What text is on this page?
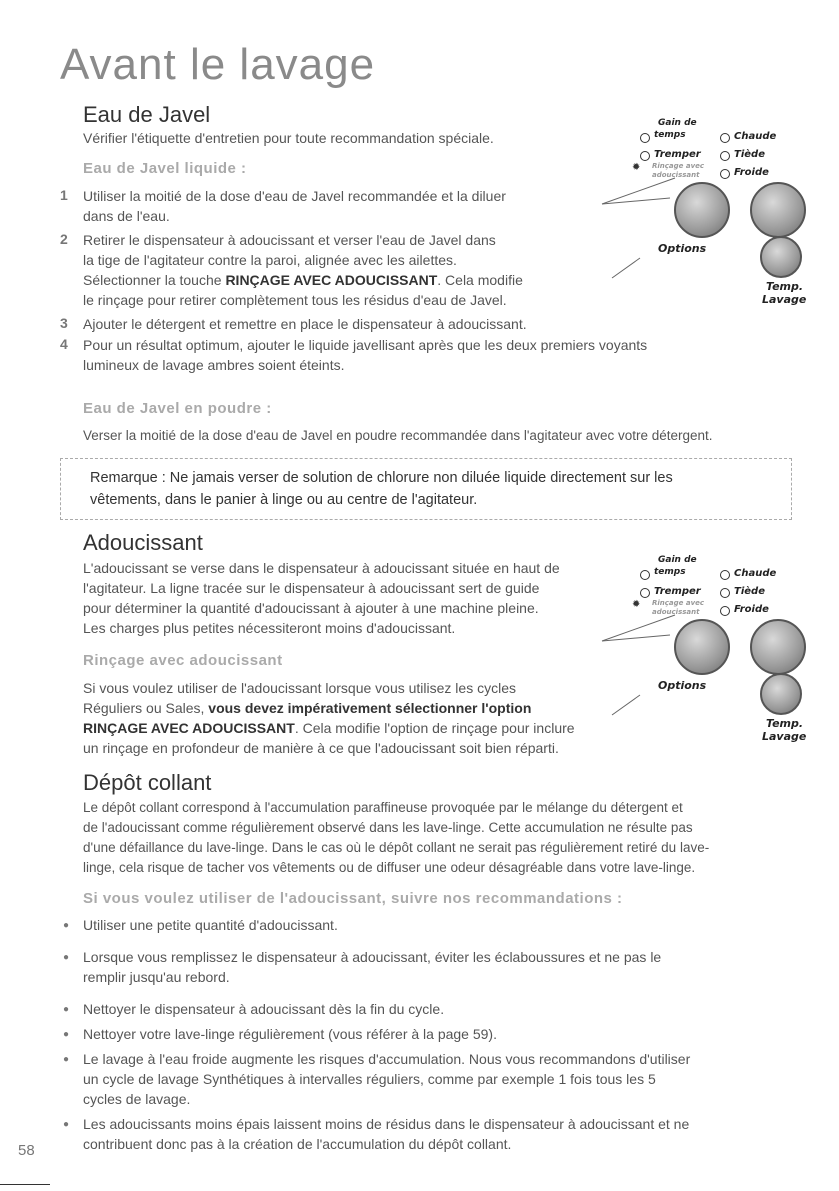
Avant le lavage
Eau de Javel
Vérifier l'étiquette d'entretien pour toute recommandation spéciale.
Eau de Javel liquide :
1 Utiliser la moitié de la dose d'eau de Javel recommandée et la diluer
dans de l'eau.
2 Retirer le dispensateur à adoucissant et verser l'eau de Javel dans
la tige de l'agitateur contre la paroi, alignée avec les ailettes.
Sélectionner la touche RINÇAGE AVEC ADOUCISSANT. Cela modifie
le rinçage pour retirer complètement tous les résidus d'eau de Javel.
3 Ajouter le détergent et remettre en place le dispensateur à adoucissant.
4 Pour un résultat optimum, ajouter le liquide javellisant après que les deux premiers voyants
lumineux de lavage ambres soient éteints.
Eau de Javel en poudre :
Verser la moitié de la dose d'eau de Javel en poudre recommandée dans l'agitateur avec votre détergent.
Remarque : Ne jamais verser de solution de chlorure non diluée liquide directement sur les
vêtements, dans le panier à linge ou au centre de l'agitateur.
Adoucissant
L'adoucissant se verse dans le dispensateur à adoucissant située en haut de
l'agitateur. La ligne tracée sur le dispensateur à adoucissant sert de guide
pour déterminer la quantité d'adoucissant à ajouter à une machine pleine.
Les charges plus petites nécessiteront moins d'adoucissant.
Rinçage avec adoucissant
Si vous voulez utiliser de l'adoucissant lorsque vous utilisez les cycles
Réguliers ou Sales, vous devez impérativement sélectionner l'option
RINÇAGE AVEC ADOUCISSANT. Cela modifie l'option de rinçage pour inclure
un rinçage en profondeur de manière à ce que l'adoucissant soit bien réparti.
Dépôt collant
Le dépôt collant correspond à l'accumulation paraffineuse provoquée par le mélange du détergent et
de l'adoucissant comme régulièrement observé dans les lave-linge. Cette accumulation ne résulte pas
d'une défaillance du lave-linge. Dans le cas où le dépôt collant ne serait pas régulièrement retiré du lave-
linge, cela risque de tacher vos vêtements ou de diffuser une odeur désagréable dans votre lave-linge.
Si vous voulez utiliser de l'adoucissant, suivre nos recommandations :
● Utiliser une petite quantité d'adoucissant.
● Lorsque vous remplissez le dispensateur à adoucissant, éviter les éclaboussures et ne pas le
remplir jusqu'au rebord.
● Nettoyer le dispensateur à adoucissant dès la fin du cycle.
● Nettoyer votre lave-linge régulièrement (vous référer à la page 59).
● Le lavage à l'eau froide augmente les risques d'accumulation. Nous vous recommandons d'utiliser
un cycle de lavage Synthétiques à intervalles réguliers, comme par exemple 1 fois tous les 5
cycles de lavage.
● Les adoucissants moins épais laissent moins de résidus dans le dispensateur à adoucissant et ne
contribuent donc pas à la création de l'accumulation du dépôt collant.
Gain de
temps	Chaude
Tremper	Tiède
✹ Rinçage avec
adoucissant	Froide
Options
Temp.
Lavage
Gain de
temps	Chaude
Tremper	Tiède
✹ Rinçage avec
adoucissant	Froide
Options
Temp.
Lavage
58
